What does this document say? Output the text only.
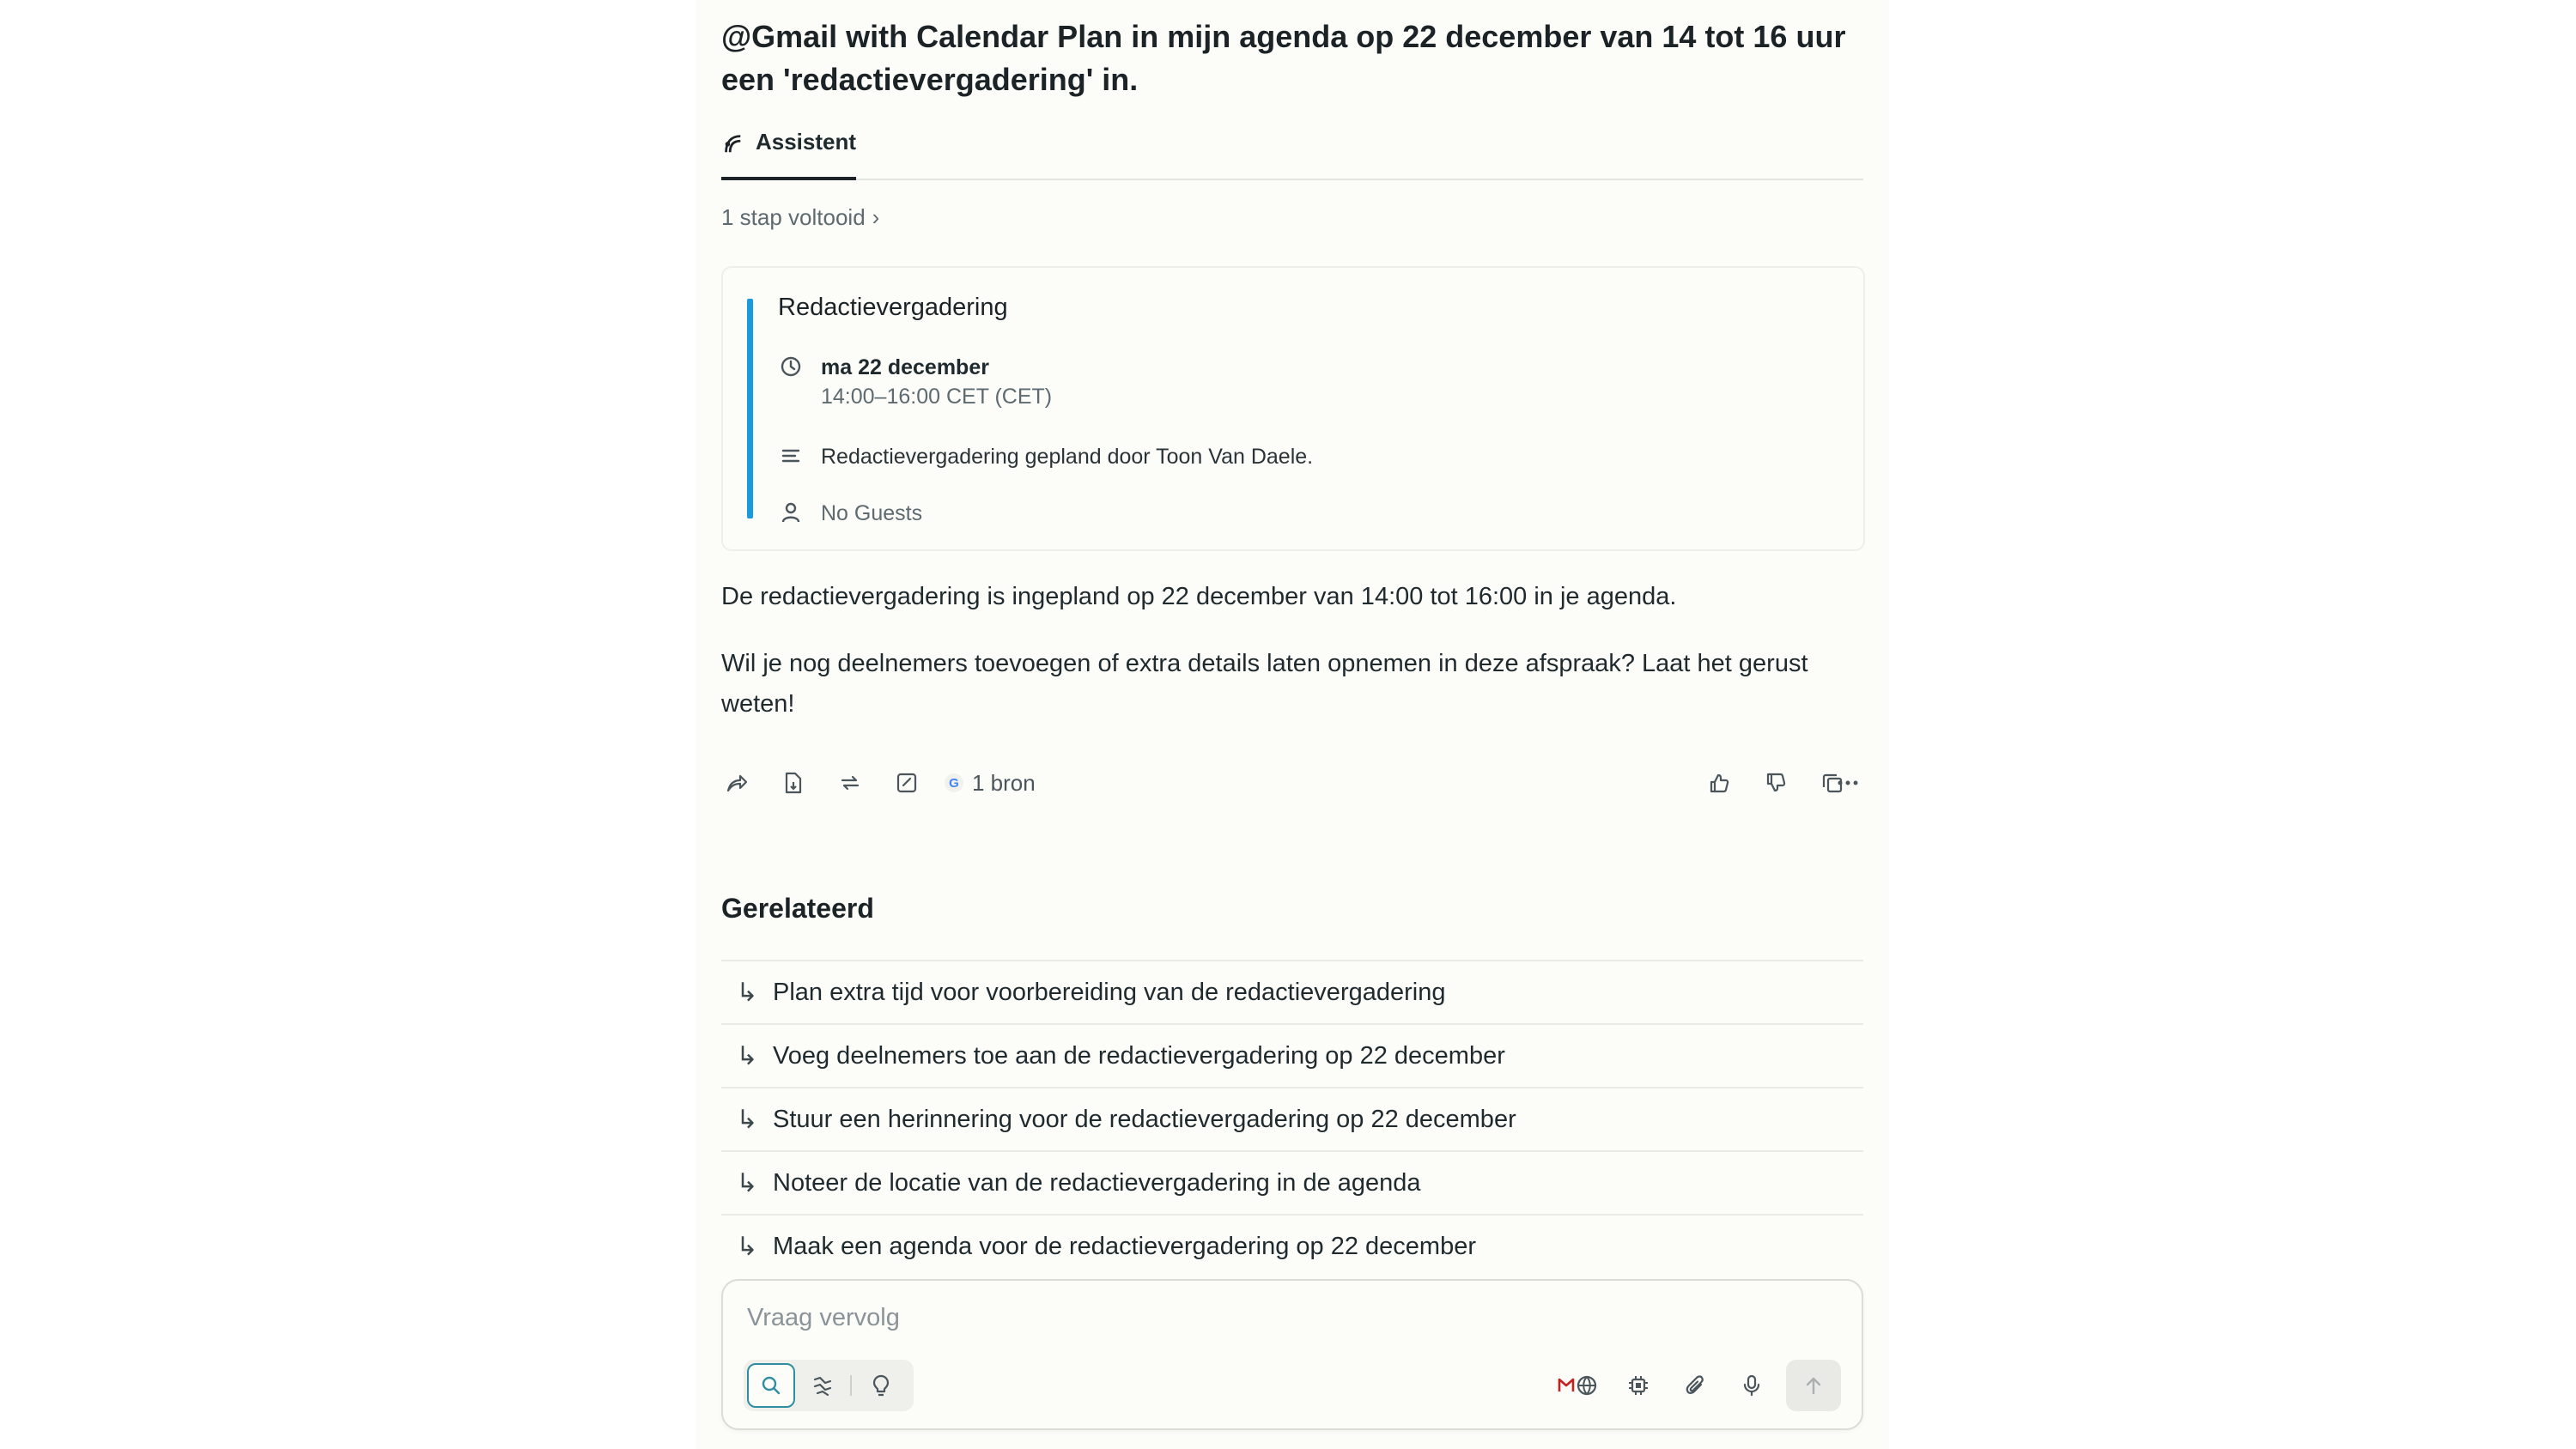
@Gmail with Calendar Plan in mijn agenda op 22 december van 14 tot 16 uur een 'redactievergadering' in.
Assistent
1 stap voltooid ›
Redactievergadering
ma 22 december
14:00–16:00 CET (CET)
Redactievergadering gepland door Toon Van Daele.
No Guests

De redactievergadering is ingepland op 22 december van 14:00 tot 16:00 in je agenda.

Wil je nog deelnemers toevoegen of extra details laten opnemen in deze afspraak? Laat het gerust weten!

G 1 bron
Gerelateerd
↳ Plan extra tijd voor voorbereiding van de redactievergadering
↳ Voeg deelnemers toe aan de redactievergadering op 22 december
↳ Stuur een herinnering voor de redactievergadering op 22 december
↳ Noteer de locatie van de redactievergadering in de agenda
↳ Maak een agenda voor de redactievergadering op 22 december
Vraag vervolg
